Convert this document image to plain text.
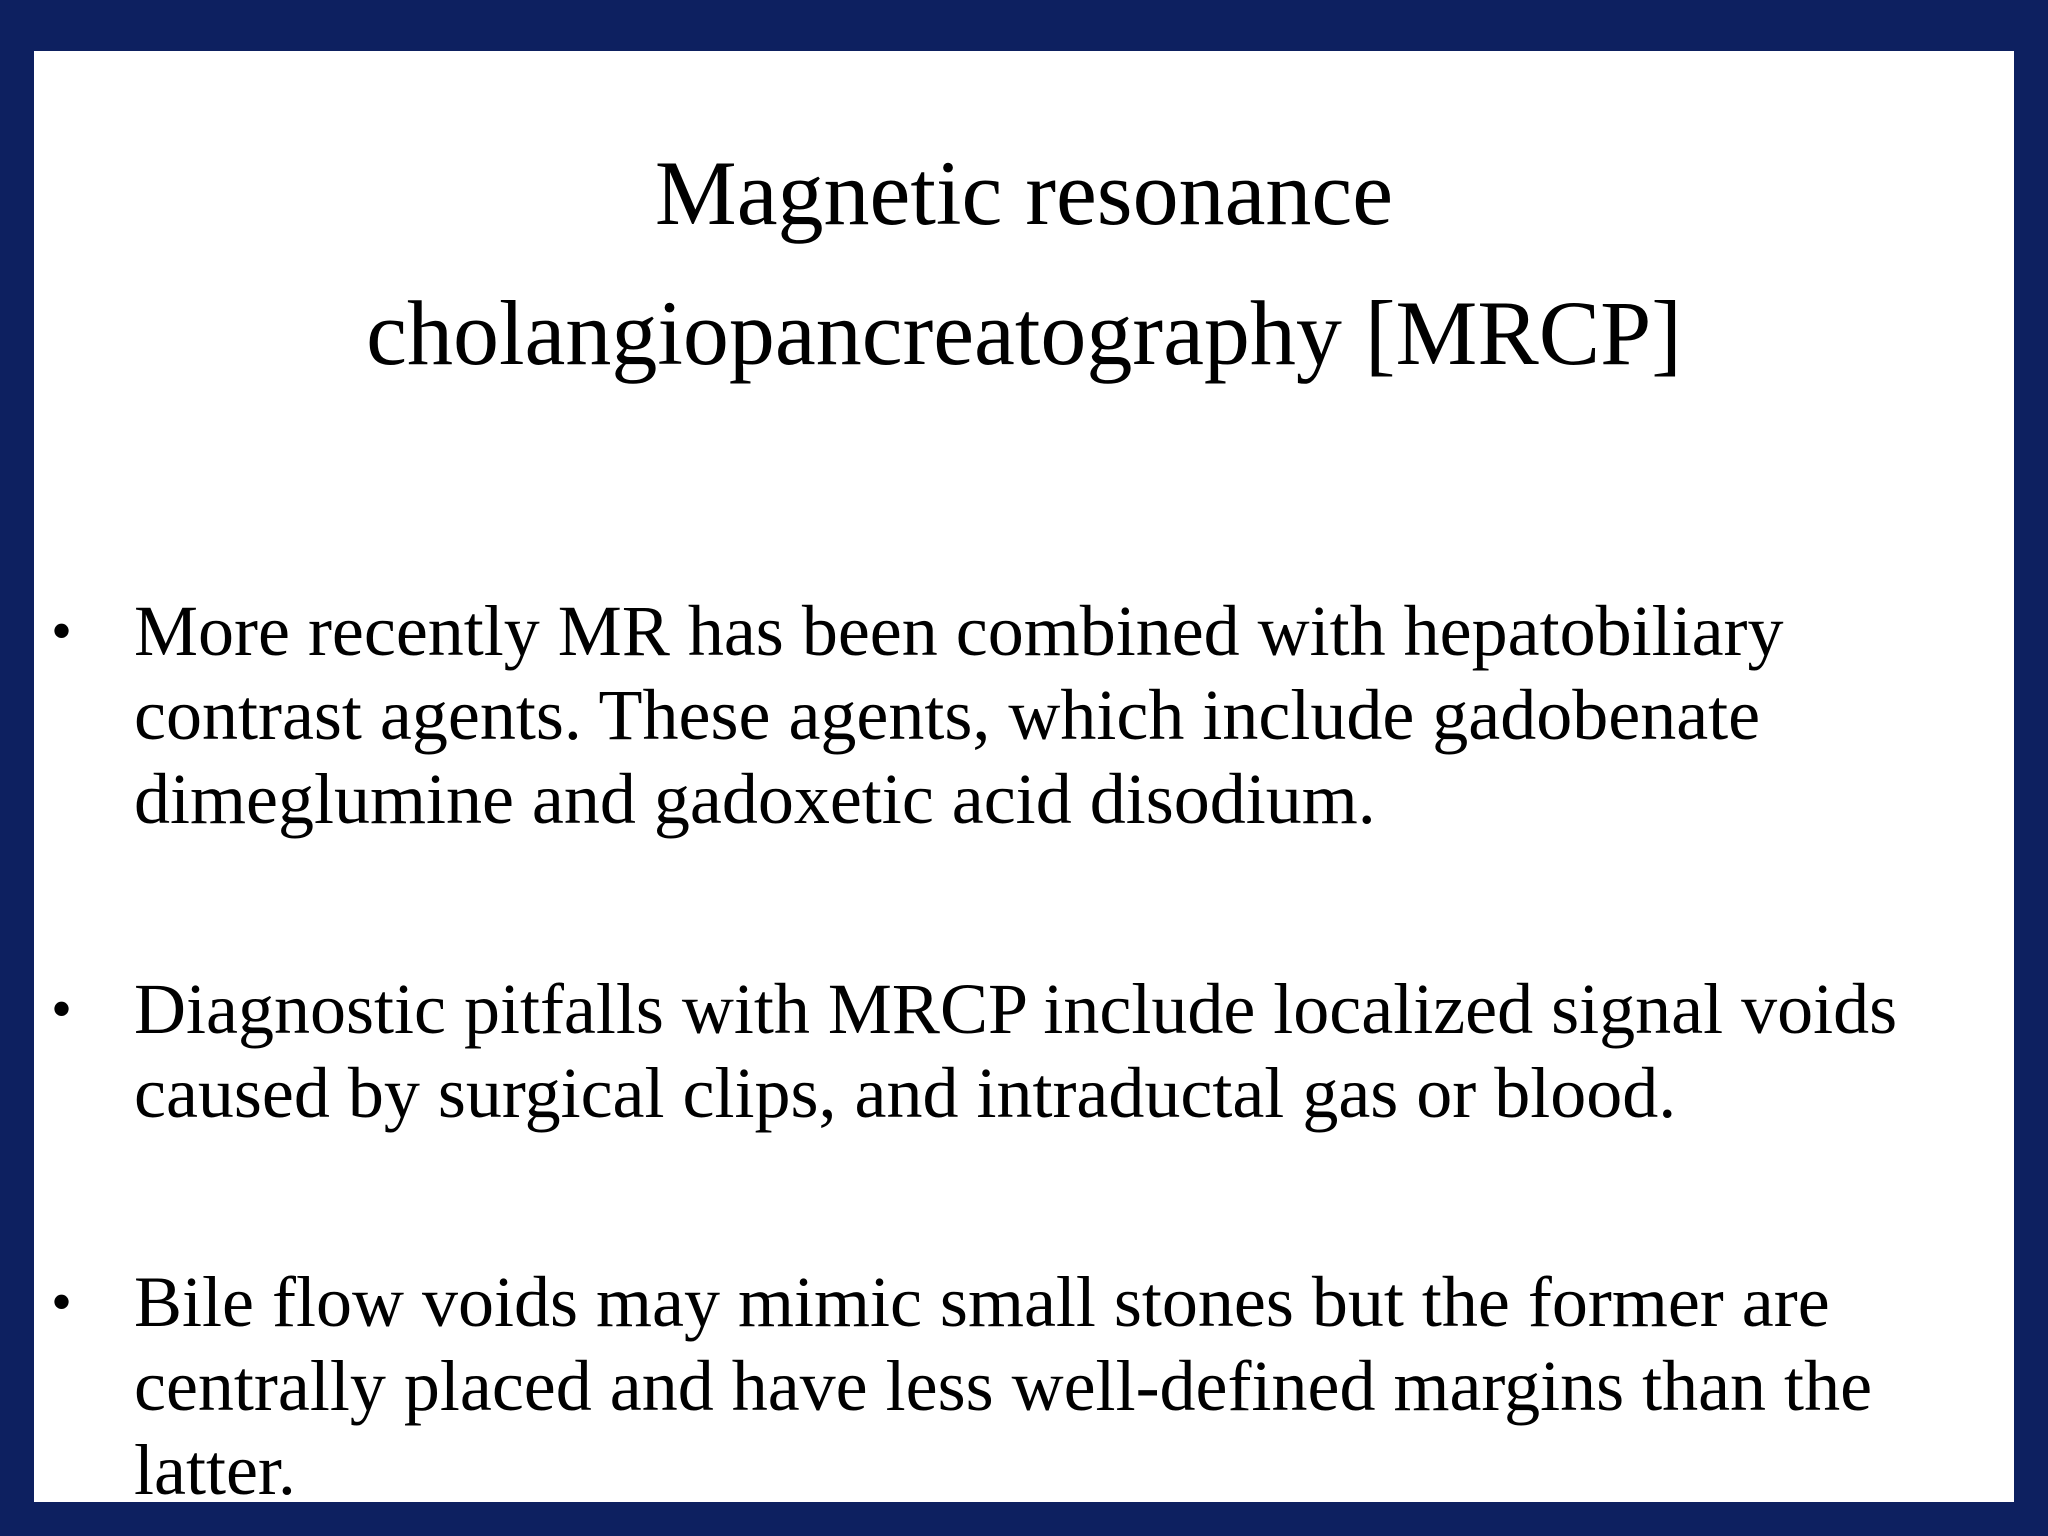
Magnetic resonance
cholangiopancreatography [MRCP]
• More recently MR has been combined with hepatobiliary
contrast agents. These agents, which include gadobenate
dimeglumine and gadoxetic acid disodium.

• Diagnostic pitfalls with MRCP include localized signal voids
caused by surgical clips, and intraductal gas or blood.

• Bile flow voids may mimic small stones but the former are
centrally placed and have less well-defined margins than the
latter.
